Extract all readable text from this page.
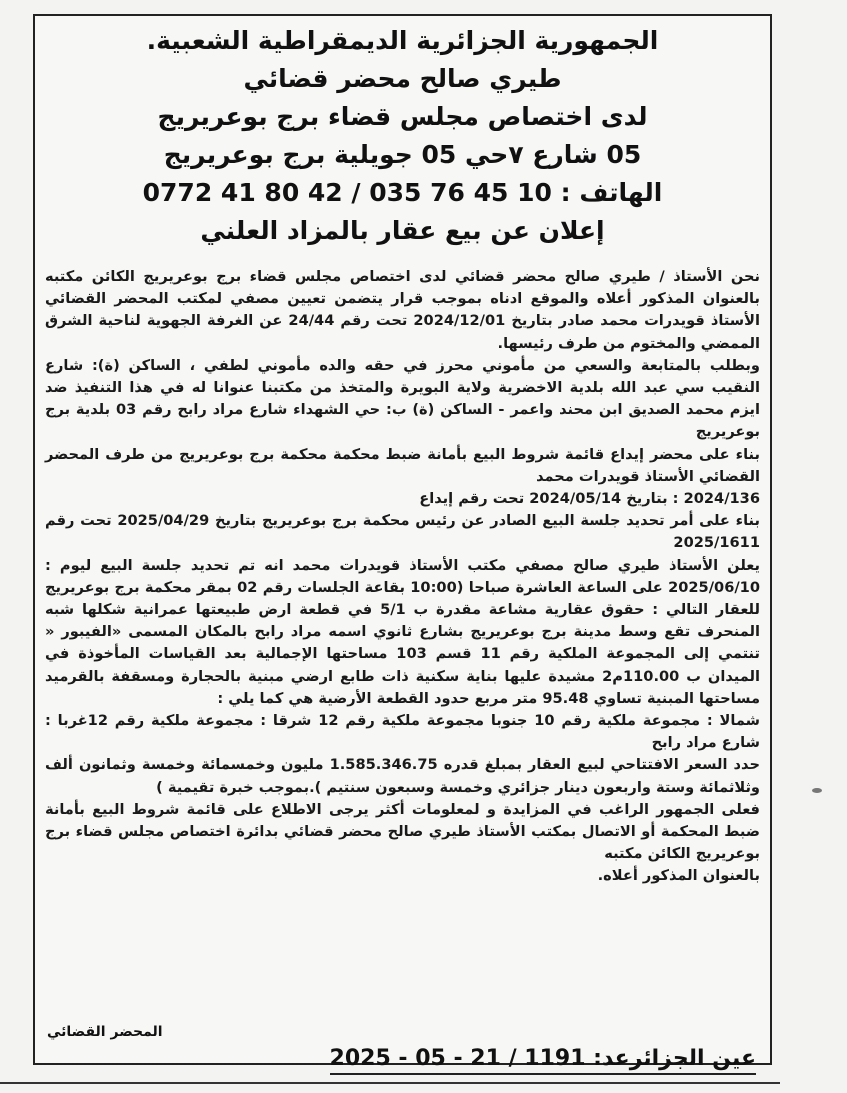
الجمهورية الجزائرية الديمقراطية الشعبية.
طيري صالح محضر قضائي
لدى اختصاص مجلس قضاء برج بوعريريج
05 شارع ٧حي 05 جويلية برج بوعريريج
الهاتف : 0772 41 80 42 / 035 76 45 10
إعلان عن بيع عقار بالمزاد العلني

نحن الأستاذ / طيري صالح محضر قضائي لدى اختصاص مجلس قضاء برج بوعريريج الكائن مكتبه بالعنوان المذكور أعلاه والموقع ادناه بموجب قرار يتضمن تعيين مصفي لمكتب المحضر القضائي الأستاذ قويدرات محمد صادر بتاريخ 2024/12/01 تحت رقم 24/44 عن الغرفة الجهوية لناحية الشرق الممضي والمختوم من طرف رئيسها.

وبطلب بالمتابعة والسعي من مأموني محرز في حقه والده مأموني لطفي ، الساكن (ة): شارع النقيب سي عبد الله بلدية الاخضرية ولاية البويرة والمتخذ من مكتبنا عنوانا له في هذا التنفيذ ضد ايزم محمد الصديق ابن محند واعمر - الساكن (ة) ب: حي الشهداء شارع مراد رابح رقم 03 بلدية برج بوعريريج

بناء على محضر إيداع قائمة شروط البيع بأمانة ضبط محكمة محكمة برج بوعريريج من طرف المحضر القضائي الأستاذ قويدرات محمد

2024/136 : بتاريخ 2024/05/14 تحت رقم إيداع

بناء على أمر تحديد جلسة البيع الصادر عن رئيس محكمة برج بوعريريج بتاريخ 2025/04/29 تحت رقم 2025/1611

يعلن الأستاذ طيري صالح مصفي مكتب الأستاذ قويدرات محمد انه تم تحديد جلسة البيع ليوم : 2025/06/10 على الساعة العاشرة صباحا (10:00 بقاعة الجلسات رقم 02 بمقر محكمة برج بوعريريج للعقار التالي : حقوق عقارية مشاعة مقدرة ب 5/1 في قطعة ارض طبيعتها عمرانية شكلها شبه المنحرف تقع وسط مدينة برج بوعريريج بشارع ثانوي اسمه مراد رابح بالمكان المسمى «الفيبور « تنتمي إلى المجموعة الملكية رقم 11 قسم 103 مساحتها الإجمالية بعد القياسات المأخوذة في الميدان ب 110.00م2 مشيدة عليها بناية سكنية ذات طابع ارضي مبنية بالحجارة ومسقفة بالقرميد مساحتها المبنية تساوي 95.48 متر مربع حدود القطعة الأرضية هي كما يلي :

شمالا : مجموعة ملكية رقم 10 جنوبا مجموعة ملكية رقم 12 شرقا : مجموعة ملكية رقم 12غربا : شارع مراد رابح

حدد السعر الافتتاحي لبيع العقار بمبلغ قدره 1.585.346.75 مليون وخمسمائة وخمسة وثمانون ألف وثلاثمائة وستة واربعون دينار جزائري وخمسة وسبعون سنتيم ).بموجب خبرة تقيمية )

فعلى الجمهور الراغب في المزايدة و لمعلومات أكثر يرجى الاطلاع على قائمة شروط البيع بأمانة ضبط المحكمة أو الاتصال بمكتب الأستاذ طيري صالح محضر قضائي بدائرة اختصاص مجلس قضاء برج بوعريريج الكائن مكتبه

بالعنوان المذكور أعلاه.

المحضر القضائي
عين الجزائرعد: 1191 / 21 - 05 - 2025
